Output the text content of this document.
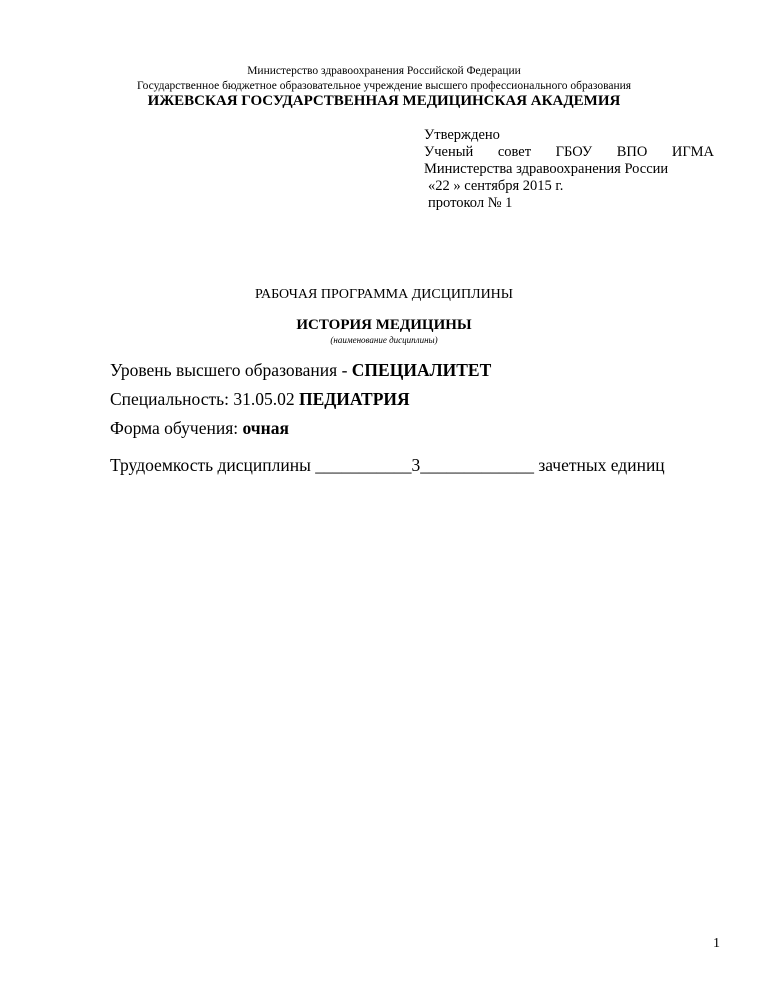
Министерство здравоохранения Российской Федерации
Государственное бюджетное образовательное учреждение высшего профессионального образования
ИЖЕВСКАЯ ГОСУДАРСТВЕННАЯ МЕДИЦИНСКАЯ АКАДЕМИЯ
Утверждено
Ученый совет ГБОУ ВПО ИГМА
Министерства здравоохранения России
«22 » сентября 2015 г.
протокол № 1
РАБОЧАЯ ПРОГРАММА ДИСЦИПЛИНЫ
ИСТОРИЯ МЕДИЦИНЫ
(наименование дисциплины)
Уровень высшего образования - СПЕЦИАЛИТЕТ
Специальность: 31.05.02 ПЕДИАТРИЯ
Форма обучения: очная
Трудоемкость дисциплины ___________3_____________ зачетных единиц
1
